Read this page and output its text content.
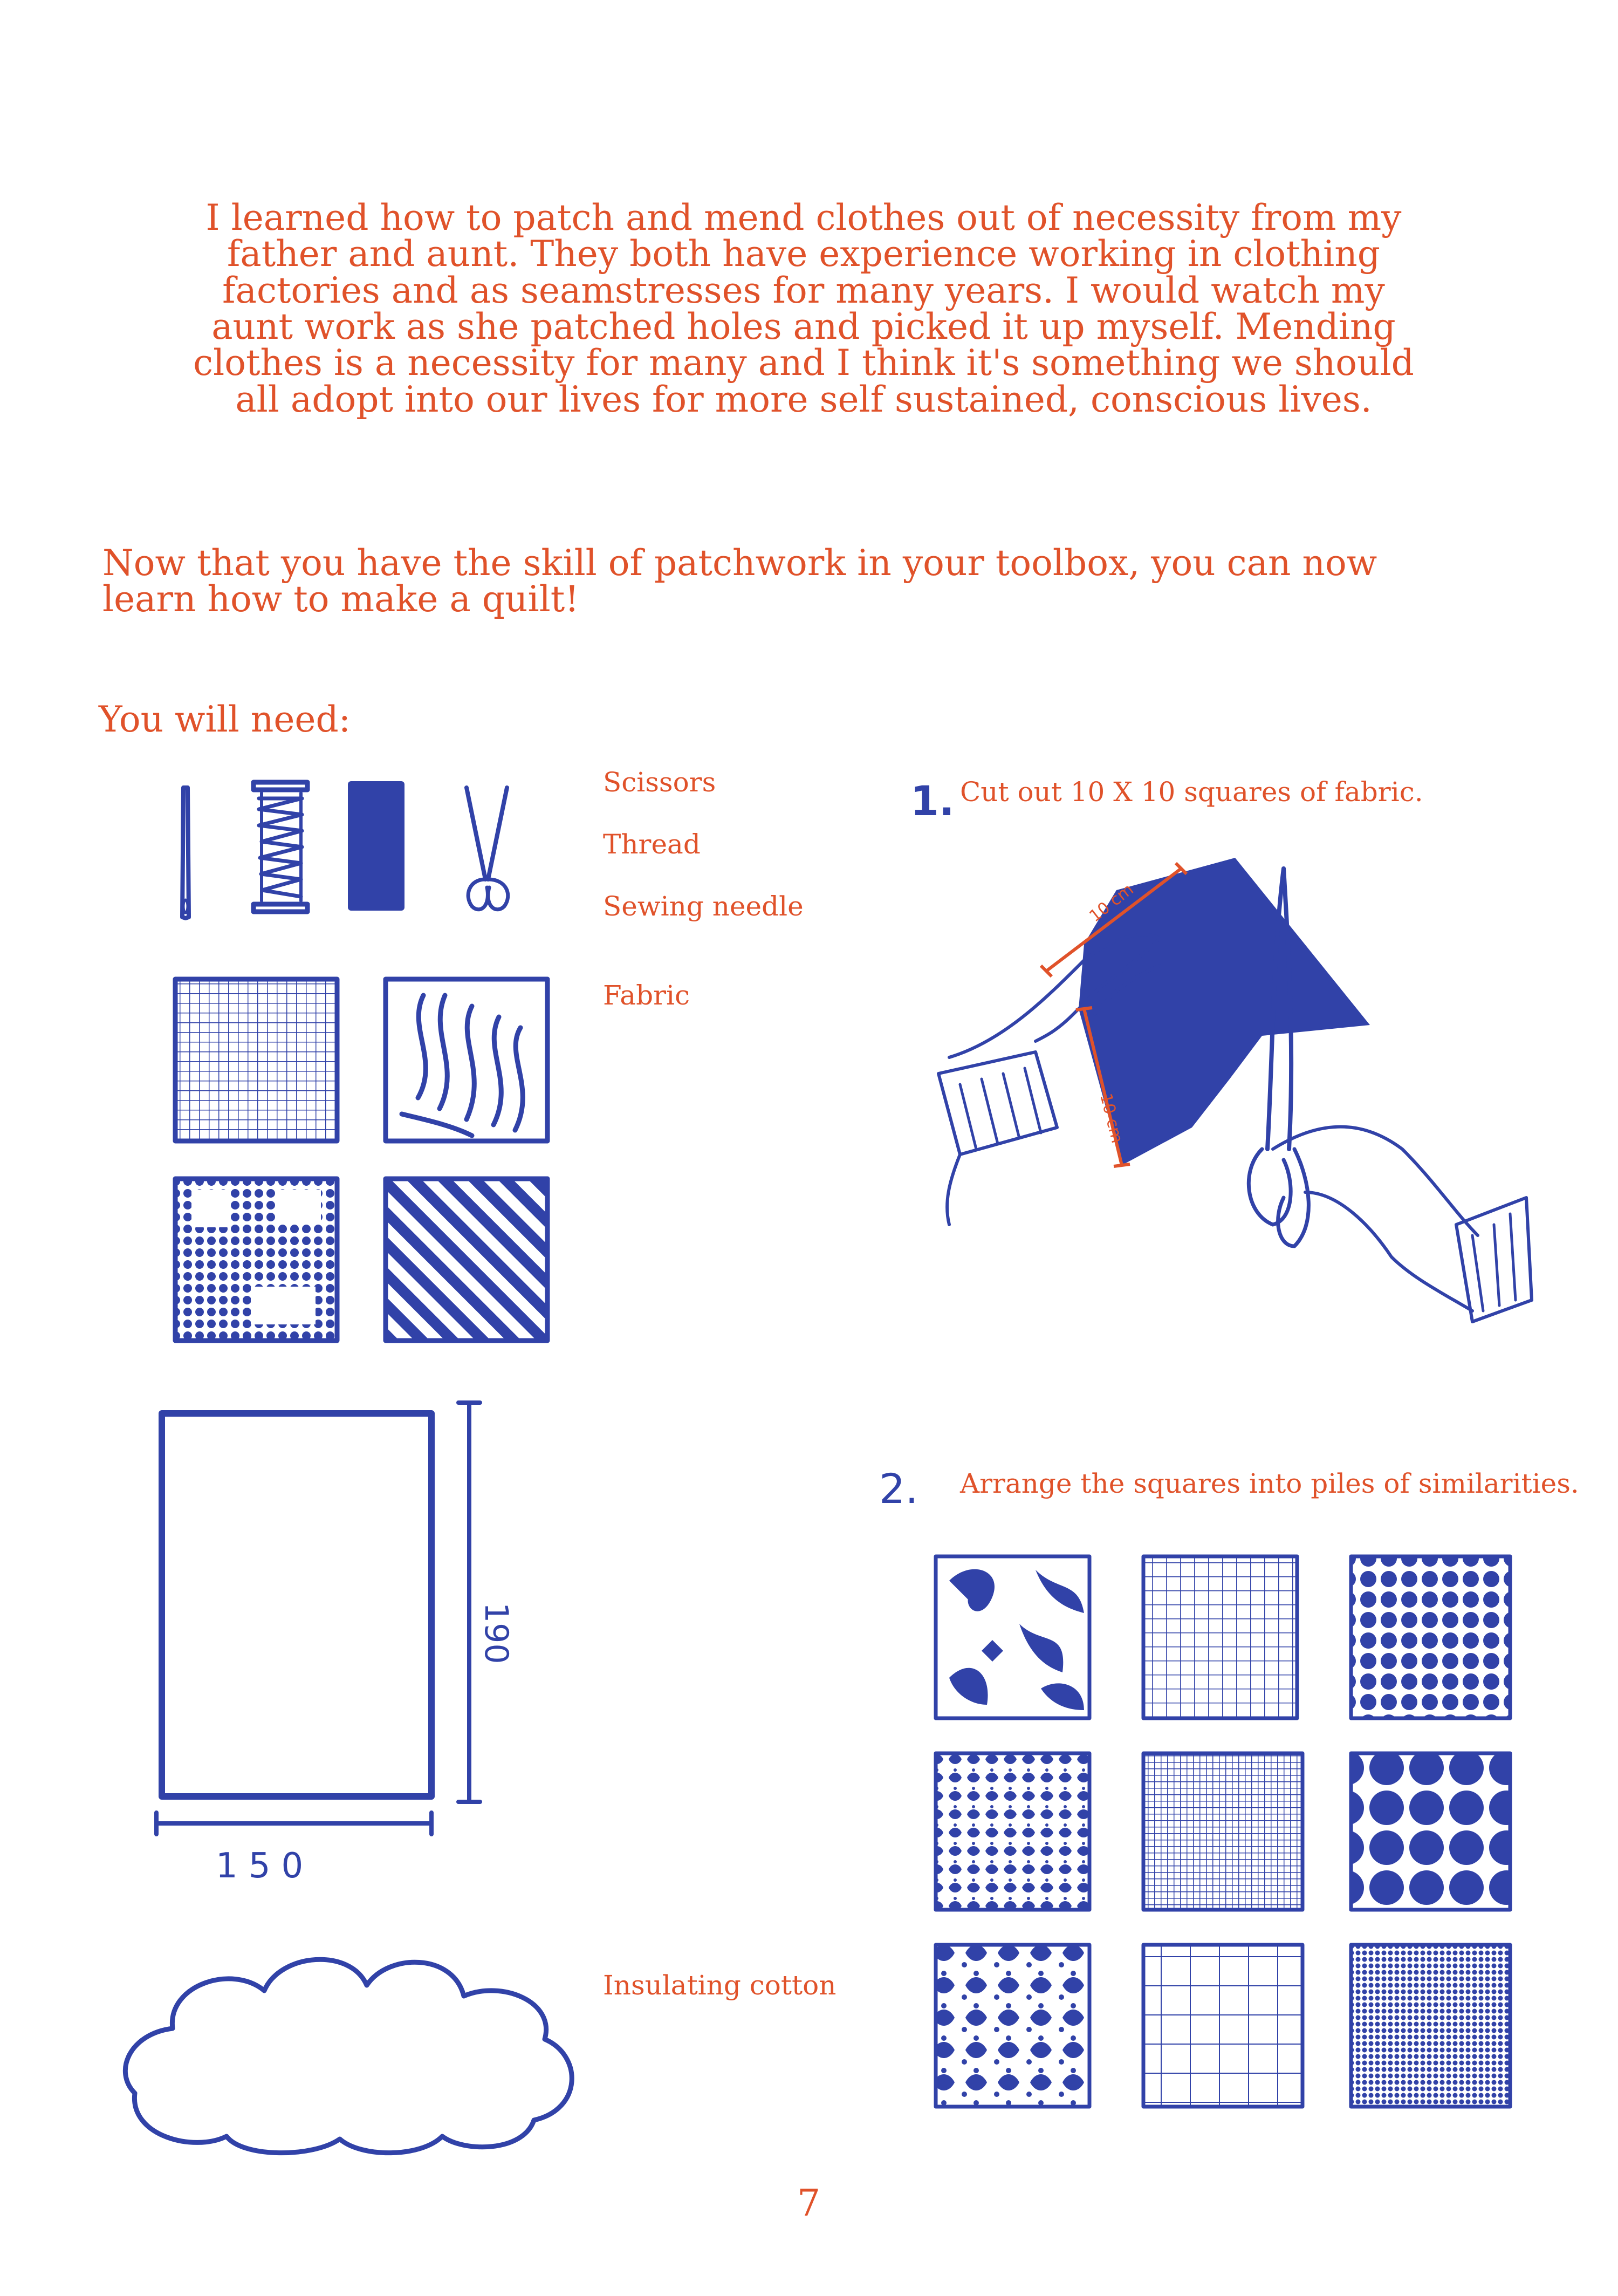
I learned how to patch and mend clothes out of necessity from my father and aunt. They both have experience working in clothing factories and as seamstresses for many years. I would watch my aunt work as she patched holes and picked it up myself. Mending clothes is a necessity for many and I think it's something we should all adopt into our lives for more self sustained, conscious lives.
Now that you have the skill of patchwork in your toolbox, you can now learn how to make a quilt!
You will need:
Scissors
Thread
Sewing needle
Fabric
Insulating cotton
1. Cut out 10 X 10 squares of fabric.
2. Arrange the squares into piles of similarities.
10 cm
10 cm
190
150
7
